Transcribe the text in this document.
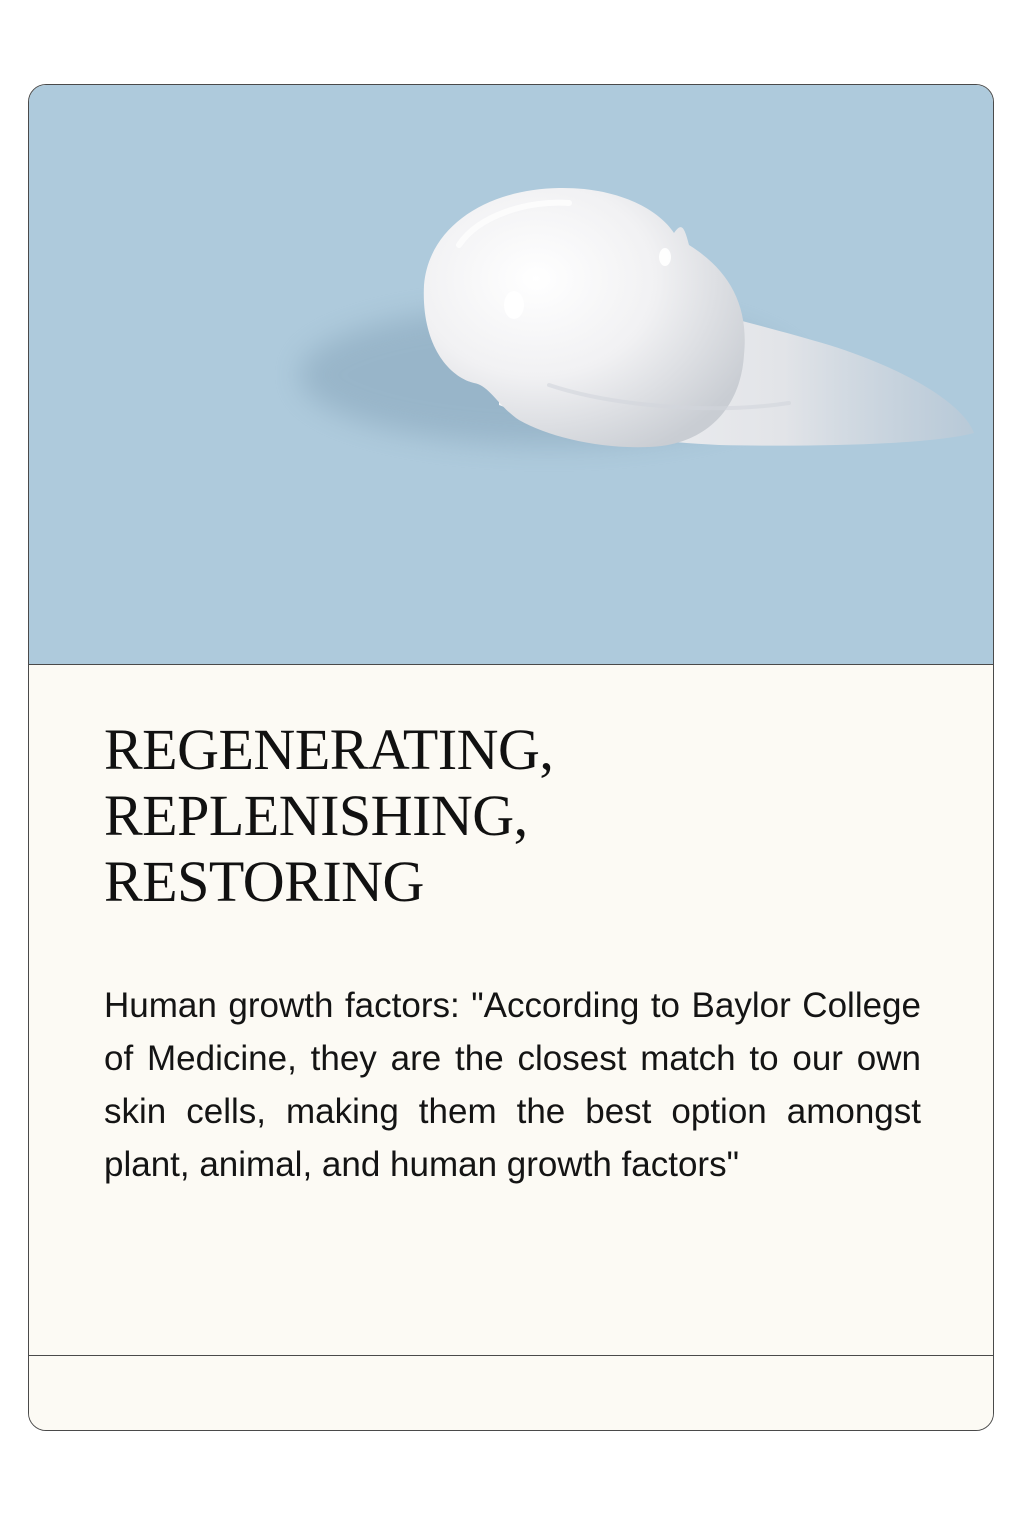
REGENERATING,
REPLENISHING,
RESTORING

Human growth factors: "According to Baylor College of Medicine, they are the closest match to our own skin cells, making them the best option amongst plant, animal, and human growth factors"
